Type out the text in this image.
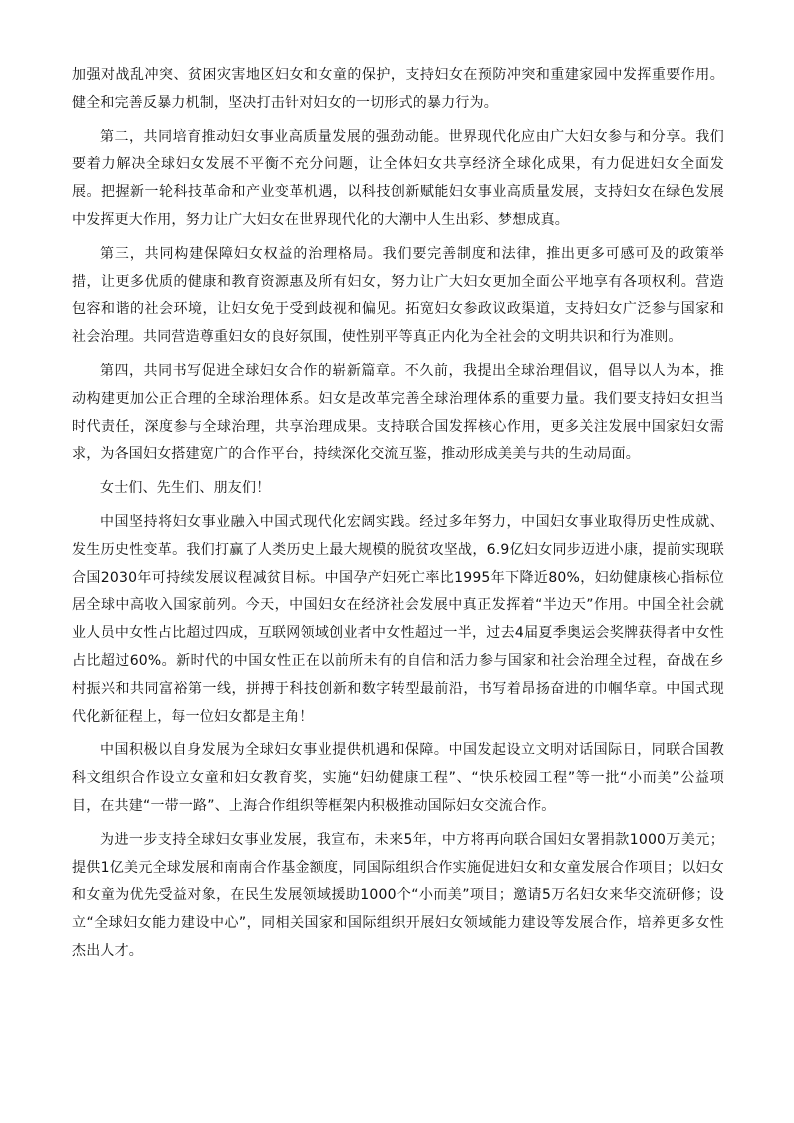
加强对战乱冲突、贫困灾害地区妇女和女童的保护，支持妇女在预防冲突和重建家园中发挥重要作用。健全和完善反暴力机制，坚决打击针对妇女的一切形式的暴力行为。

第二，共同培育推动妇女事业高质量发展的强劲动能。世界现代化应由广大妇女参与和分享。我们要着力解决全球妇女发展不平衡不充分问题，让全体妇女共享经济全球化成果，有力促进妇女全面发展。把握新一轮科技革命和产业变革机遇，以科技创新赋能妇女事业高质量发展，支持妇女在绿色发展中发挥更大作用，努力让广大妇女在世界现代化的大潮中人生出彩、梦想成真。

第三，共同构建保障妇女权益的治理格局。我们要完善制度和法律，推出更多可感可及的政策举措，让更多优质的健康和教育资源惠及所有妇女，努力让广大妇女更加全面公平地享有各项权利。营造包容和谐的社会环境，让妇女免于受到歧视和偏见。拓宽妇女参政议政渠道，支持妇女广泛参与国家和社会治理。共同营造尊重妇女的良好氛围，使性别平等真正内化为全社会的文明共识和行为准则。

第四，共同书写促进全球妇女合作的崭新篇章。不久前，我提出全球治理倡议，倡导以人为本，推动构建更加公正合理的全球治理体系。妇女是改革完善全球治理体系的重要力量。我们要支持妇女担当时代责任，深度参与全球治理，共享治理成果。支持联合国发挥核心作用，更多关注发展中国家妇女需求，为各国妇女搭建宽广的合作平台，持续深化交流互鉴，推动形成美美与共的生动局面。

女士们、先生们、朋友们！

中国坚持将妇女事业融入中国式现代化宏阔实践。经过多年努力，中国妇女事业取得历史性成就、发生历史性变革。我们打赢了人类历史上最大规模的脱贫攻坚战，6.9亿妇女同步迈进小康，提前实现联合国2030年可持续发展议程减贫目标。中国孕产妇死亡率比1995年下降近80%，妇幼健康核心指标位居全球中高收入国家前列。今天，中国妇女在经济社会发展中真正发挥着“半边天”作用。中国全社会就业人员中女性占比超过四成，互联网领域创业者中女性超过一半，过去4届夏季奥运会奖牌获得者中女性占比超过60%。新时代的中国女性正在以前所未有的自信和活力参与国家和社会治理全过程，奋战在乡村振兴和共同富裕第一线，拼搏于科技创新和数字转型最前沿，书写着昂扬奋进的巾帼华章。中国式现代化新征程上，每一位妇女都是主角！

中国积极以自身发展为全球妇女事业提供机遇和保障。中国发起设立文明对话国际日，同联合国教科文组织合作设立女童和妇女教育奖，实施“妇幼健康工程”、“快乐校园工程”等一批“小而美”公益项目，在共建“一带一路”、上海合作组织等框架内积极推动国际妇女交流合作。

为进一步支持全球妇女事业发展，我宣布，未来5年，中方将再向联合国妇女署捐款1000万美元；提供1亿美元全球发展和南南合作基金额度，同国际组织合作实施促进妇女和女童发展合作项目；以妇女和女童为优先受益对象，在民生发展领域援助1000个“小而美”项目；邀请5万名妇女来华交流研修；设立“全球妇女能力建设中心”，同相关国家和国际组织开展妇女领域能力建设等发展合作，培养更多女性杰出人才。
